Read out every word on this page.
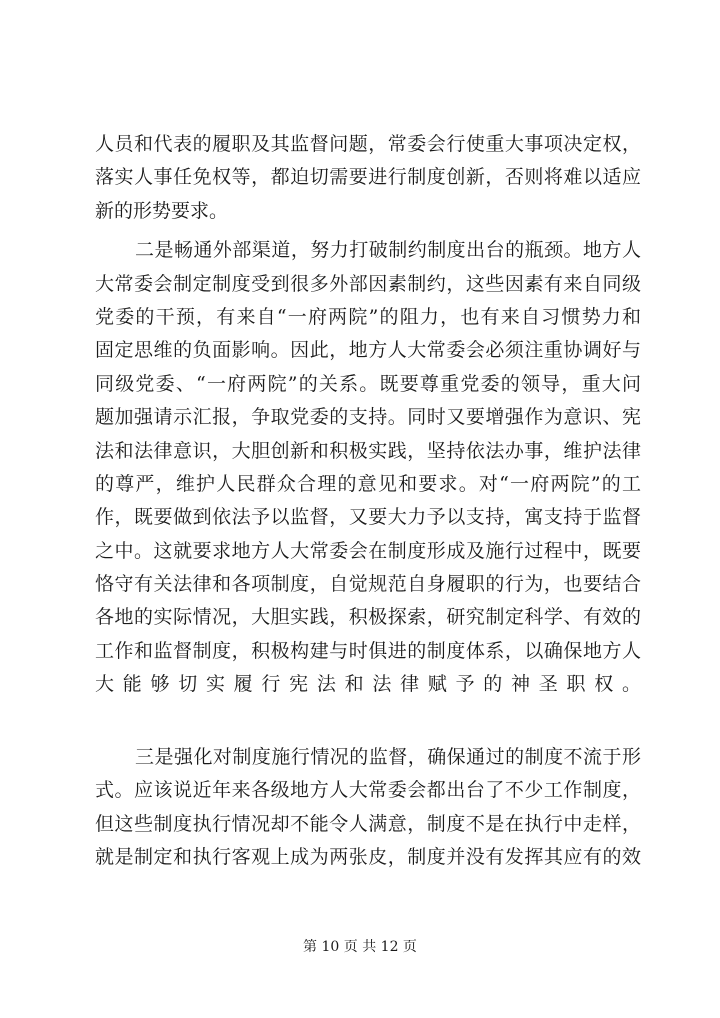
人员和代表的履职及其监督问题，常委会行使重大事项决定权，
落实人事任免权等，都迫切需要进行制度创新，否则将难以适应
新的形势要求。
二是畅通外部渠道，努力打破制约制度出台的瓶颈。地方人
大常委会制定制度受到很多外部因素制约，这些因素有来自同级
党委的干预，有来自“一府两院”的阻力，也有来自习惯势力和
固定思维的负面影响。因此，地方人大常委会必须注重协调好与
同级党委、“一府两院”的关系。既要尊重党委的领导，重大问
题加强请示汇报，争取党委的支持。同时又要增强作为意识、宪
法和法律意识，大胆创新和积极实践，坚持依法办事，维护法律
的尊严，维护人民群众合理的意见和要求。对“一府两院”的工
作，既要做到依法予以监督，又要大力予以支持，寓支持于监督
之中。这就要求地方人大常委会在制度形成及施行过程中，既要
恪守有关法律和各项制度，自觉规范自身履职的行为，也要结合
各地的实际情况，大胆实践，积极探索，研究制定科学、有效的
工作和监督制度，积极构建与时俱进的制度体系，以确保地方人
大能够切实履行宪法和法律赋予的神圣职权。
三是强化对制度施行情况的监督，确保通过的制度不流于形
式。应该说近年来各级地方人大常委会都出台了不少工作制度，
但这些制度执行情况却不能令人满意，制度不是在执行中走样，
就是制定和执行客观上成为两张皮，制度并没有发挥其应有的效
第 10 页 共 12 页
